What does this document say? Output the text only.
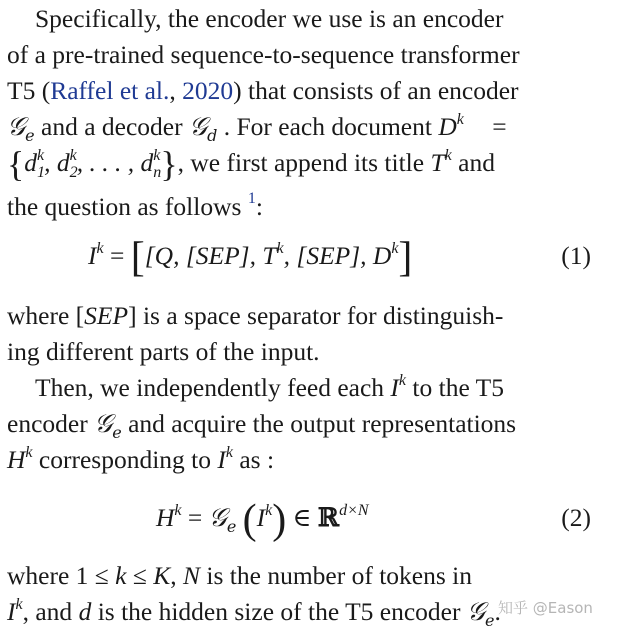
Specifically, the encoder we use is an encoder
of a pre-trained sequence-to-sequence transformer
T5 (Raffel et al., 2020) that consists of an encoder
𝒢$_e$ and a decoder 𝒢$_d$ . For each document $D^k$ =
{$d_1^k$, $d_2^k$, . . . , $d_n^k$}, we first append its title $T^k$ and
the question as follows $^1$:
$I^k = [[Q$, [SEP], $T^k$, [SEP], $D^k$]	(1)
where [SEP] is a space separator for distinguish-
ing different parts of the input.
Then, we independently feed each $I^k$ to the T5
encoder 𝒢$_e$ and acquire the output representations
$H^k$ corresponding to $I^k$ as :
$H^k$ = 𝒢$_e$ $(I^k)$ ∈ ℝ$^{d\times N}$	(2)
where 1 ≤ k ≤ K, N is the number of tokens in
$I^k$, and d is the hidden size of the T5 encoder 𝒢$_e$.
知乎 @Eason
